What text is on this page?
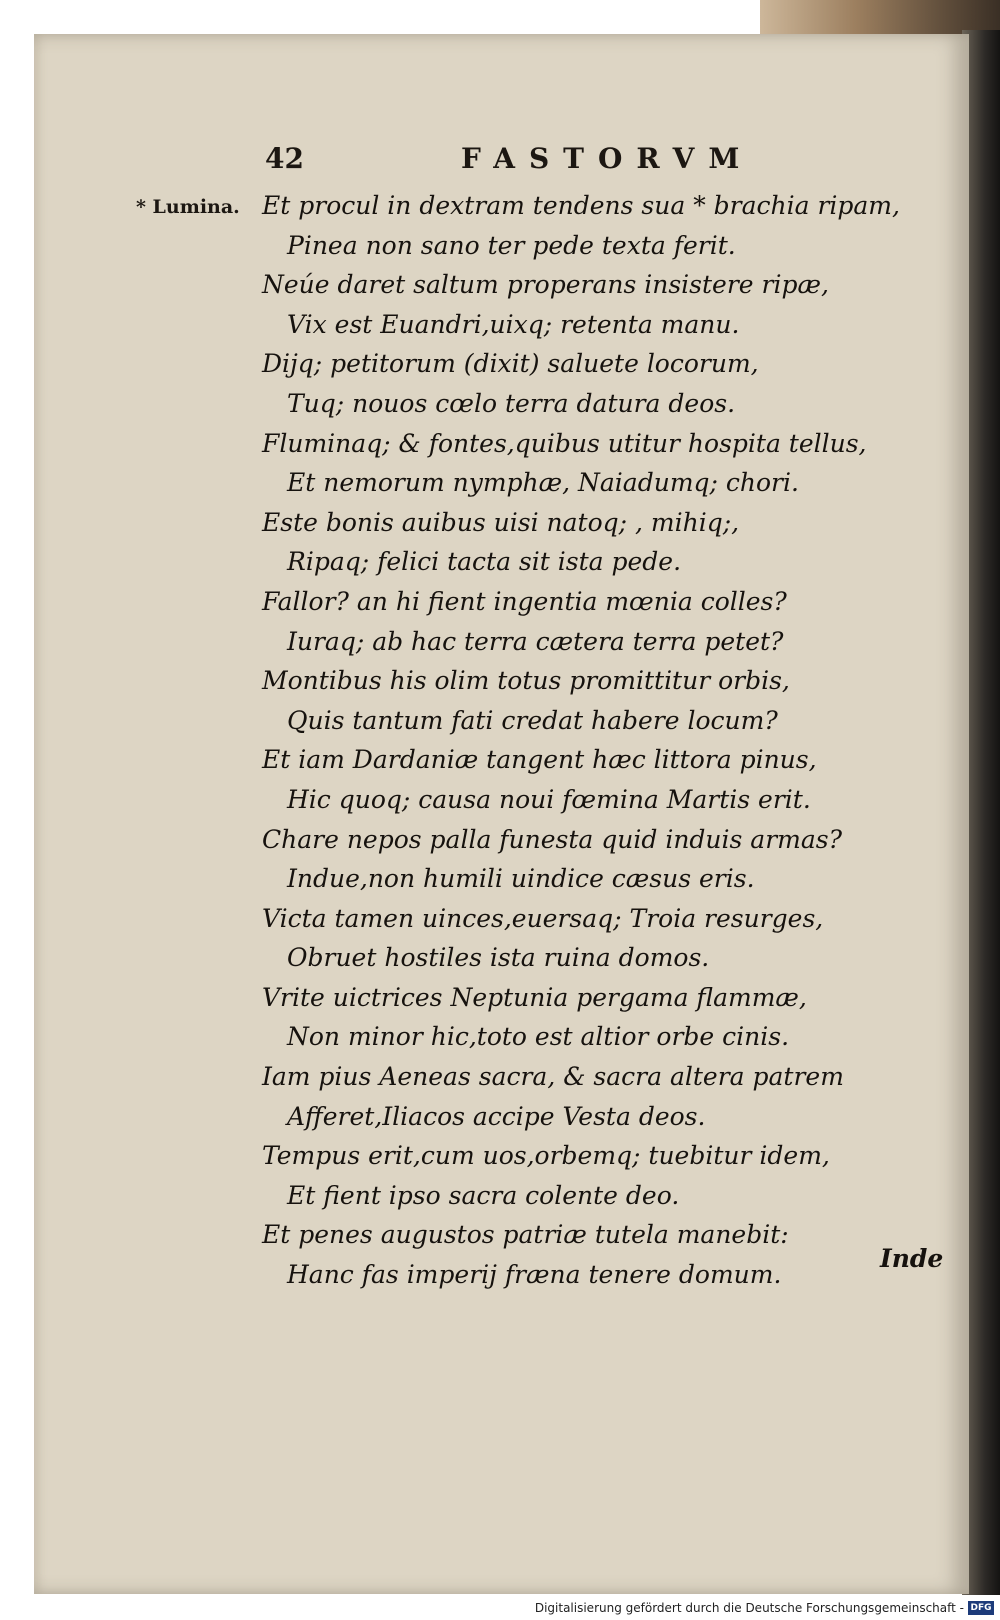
42	FASTORVM
* Lumina. Et procul in dextram tendens sua * brachia ripam,
Pinea non sano ter pede texta ferit.
Neúe daret saltum properans insistere ripæ,
Vix est Euandri,uixq; retenta manu.
Dijq; petitorum (dixit) saluete locorum,
Tuq; nouos cœlo terra datura deos.
Fluminaq; & fontes,quibus utitur hospita tellus,
Et nemorum nymphæ, Naiadumq; chori.
Este bonis auibus uisi natoq; , mihiq;,
Ripaq; felici tacta sit ista pede.
Fallor? an hi fient ingentia mœnia colles?
Iuraq; ab hac terra cætera terra petet?
Montibus his olim totus promittitur orbis,
Quis tantum fati credat habere locum?
Et iam Dardaniæ tangent hæc littora pinus,
Hic quoq; causa noui fœmina Martis erit.
Chare nepos palla funesta quid induis armas?
Indue,non humili uindice cæsus eris.
Victa tamen uinces,euersaq; Troia resurges,
Obruet hostiles ista ruina domos.
Vrite uictrices Neptunia pergama flammæ,
Non minor hic,toto est altior orbe cinis.
Iam pius Aeneas sacra, & sacra altera patrem
Afferet,Iliacos accipe Vesta deos.
Tempus erit,cum uos,orbemq; tuebitur idem,
Et fient ipso sacra colente deo.
Et penes augustos patriæ tutela manebit:
Hanc fas imperij fræna tenere domum.
Inde
Digitalisierung gefördert durch die Deutsche Forschungsgemeinschaft - DFG
